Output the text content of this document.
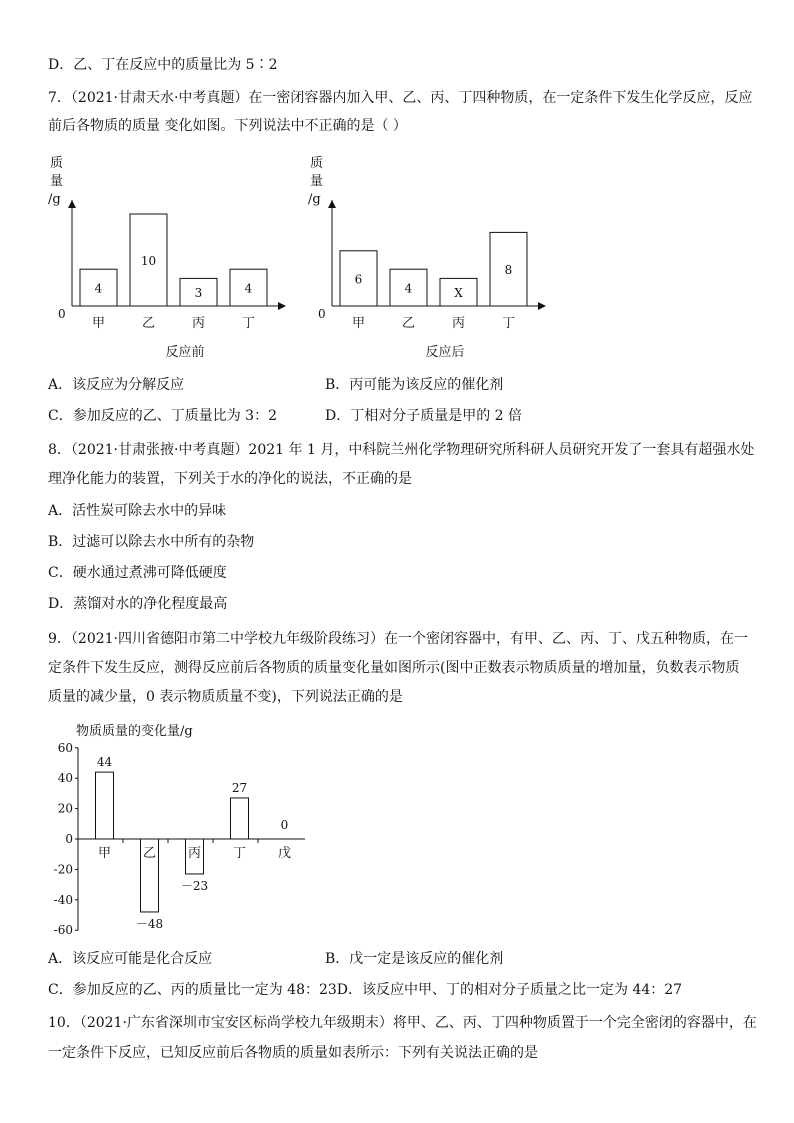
D．乙、丁在反应中的质量比为 5∶2
7．（2021·甘肃天水·中考真题）在一密闭容器内加入甲、乙、丙、丁四种物质，在一定条件下发生化学反应，反应
前后各物质的质量 变化如图。下列说法中不正确的是（ ）
质
量
/g
0
4
甲
10
乙
3
丙
4
丁
反应前
质
量
/g
0
6
甲
4
乙
X
丙
8
丁
反应后
A．该反应为分解反应	B．丙可能为该反应的催化剂
C．参加反应的乙、丁质量比为 3：2	D．丁相对分子质量是甲的 2 倍
8．（2021·甘肃张掖·中考真题）2021 年 1 月，中科院兰州化学物理研究所科研人员研究开发了一套具有超强水处
理净化能力的装置，下列关于水的净化的说法，不正确的是
A．活性炭可除去水中的异味
B．过滤可以除去水中所有的杂物
C．硬水通过煮沸可降低硬度
D．蒸馏对水的净化程度最高
9．（2021·四川省德阳市第二中学校九年级阶段练习）在一个密闭容器中，有甲、乙、丙、丁、戊五种物质，在一
定条件下发生反应，测得反应前后各物质的质量变化量如图所示(图中正数表示物质质量的增加量，负数表示物质
质量的减少量，0 表示物质质量不变)，下列说法正确的是
物质质量的变化量/g
60
40
20
0
-20
-40
-60
44
甲
－48
乙
－23
丙
27
丁
0
戊
A．该反应可能是化合反应	B．戊一定是该反应的催化剂
C．参加反应的乙、丙的质量比一定为 48：23D．该反应中甲、丁的相对分子质量之比一定为 44：27
10．（2021·广东省深圳市宝安区标尚学校九年级期末）将甲、乙、丙、丁四种物质置于一个完全密闭的容器中，在
一定条件下反应，已知反应前后各物质的质量如表所示：下列有关说法正确的是
